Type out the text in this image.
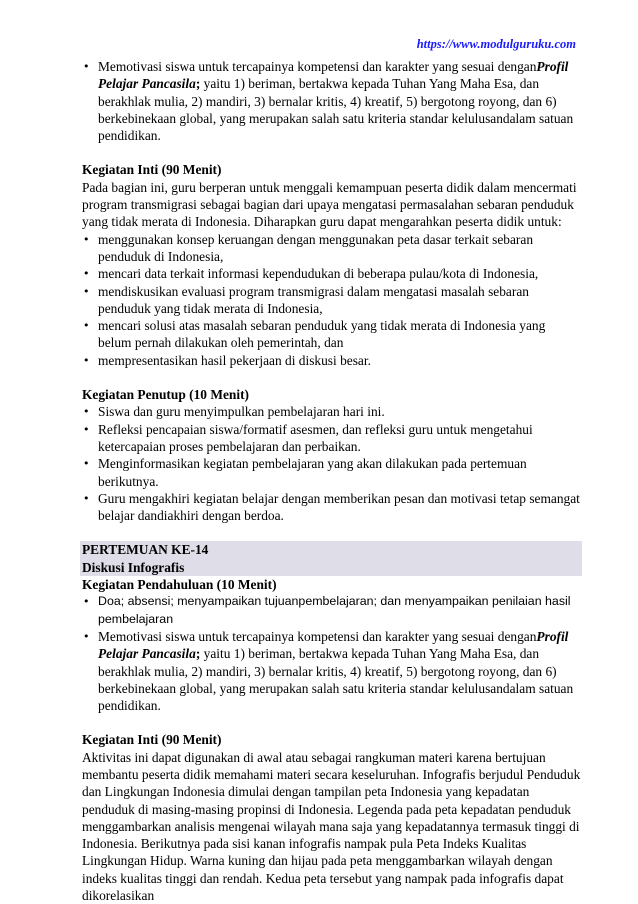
https://www.modulguruku.com
• Memotivasi siswa untuk tercapainya kompetensi dan karakter yang sesuai denganProfil Pelajar Pancasila; yaitu 1) beriman, bertakwa kepada Tuhan Yang Maha Esa, dan berakhlak mulia, 2) mandiri, 3) bernalar kritis, 4) kreatif, 5) bergotong royong, dan 6) berkebinekaan global, yang merupakan salah satu kriteria standar kelulusandalam satuan pendidikan.

Kegiatan Inti (90 Menit)

Pada bagian ini, guru berperan untuk menggali kemampuan peserta didik dalam mencermati program transmigrasi sebagai bagian dari upaya mengatasi permasalahan sebaran penduduk yang tidak merata di Indonesia. Diharapkan guru dapat mengarahkan peserta didik untuk:

• menggunakan konsep keruangan dengan menggunakan peta dasar terkait sebaran penduduk di Indonesia,
• mencari data terkait informasi kependudukan di beberapa pulau/kota di Indonesia,
• mendiskusikan evaluasi program transmigrasi dalam mengatasi masalah sebaran penduduk yang tidak merata di Indonesia,
• mencari solusi atas masalah sebaran penduduk yang tidak merata di Indonesia yang belum pernah dilakukan oleh pemerintah, dan
• mempresentasikan hasil pekerjaan di diskusi besar.

Kegiatan Penutup (10 Menit)

• Siswa dan guru menyimpulkan pembelajaran hari ini.
• Refleksi pencapaian siswa/formatif asesmen, dan refleksi guru untuk mengetahui ketercapaian proses pembelajaran dan perbaikan.
• Menginformasikan kegiatan pembelajaran yang akan dilakukan pada pertemuan berikutnya.
• Guru mengakhiri kegiatan belajar dengan memberikan pesan dan motivasi tetap semangat belajar dandiakhiri dengan berdoa.

PERTEMUAN KE-14

Diskusi Infografis

Kegiatan Pendahuluan (10 Menit)

• Doa; absensi; menyampaikan tujuanpembelajaran; dan menyampaikan penilaian hasil pembelajaran
• Memotivasi siswa untuk tercapainya kompetensi dan karakter yang sesuai denganProfil Pelajar Pancasila; yaitu 1) beriman, bertakwa kepada Tuhan Yang Maha Esa, dan berakhlak mulia, 2) mandiri, 3) bernalar kritis, 4) kreatif, 5) bergotong royong, dan 6) berkebinekaan global, yang merupakan salah satu kriteria standar kelulusandalam satuan pendidikan.

Kegiatan Inti (90 Menit)

Aktivitas ini dapat digunakan di awal atau sebagai rangkuman materi karena bertujuan membantu peserta didik memahami materi secara keseluruhan. Infografis berjudul Penduduk dan Lingkungan Indonesia dimulai dengan tampilan peta Indonesia yang kepadatan penduduk di masing-masing propinsi di Indonesia. Legenda pada peta kepadatan penduduk menggambarkan analisis mengenai wilayah mana saja yang kepadatannya termasuk tinggi di Indonesia. Berikutnya pada sisi kanan infografis nampak pula Peta Indeks Kualitas Lingkungan Hidup. Warna kuning dan hijau pada peta menggambarkan wilayah dengan indeks kualitas tinggi dan rendah. Kedua peta tersebut yang nampak pada infografis dapat dikorelasikan
